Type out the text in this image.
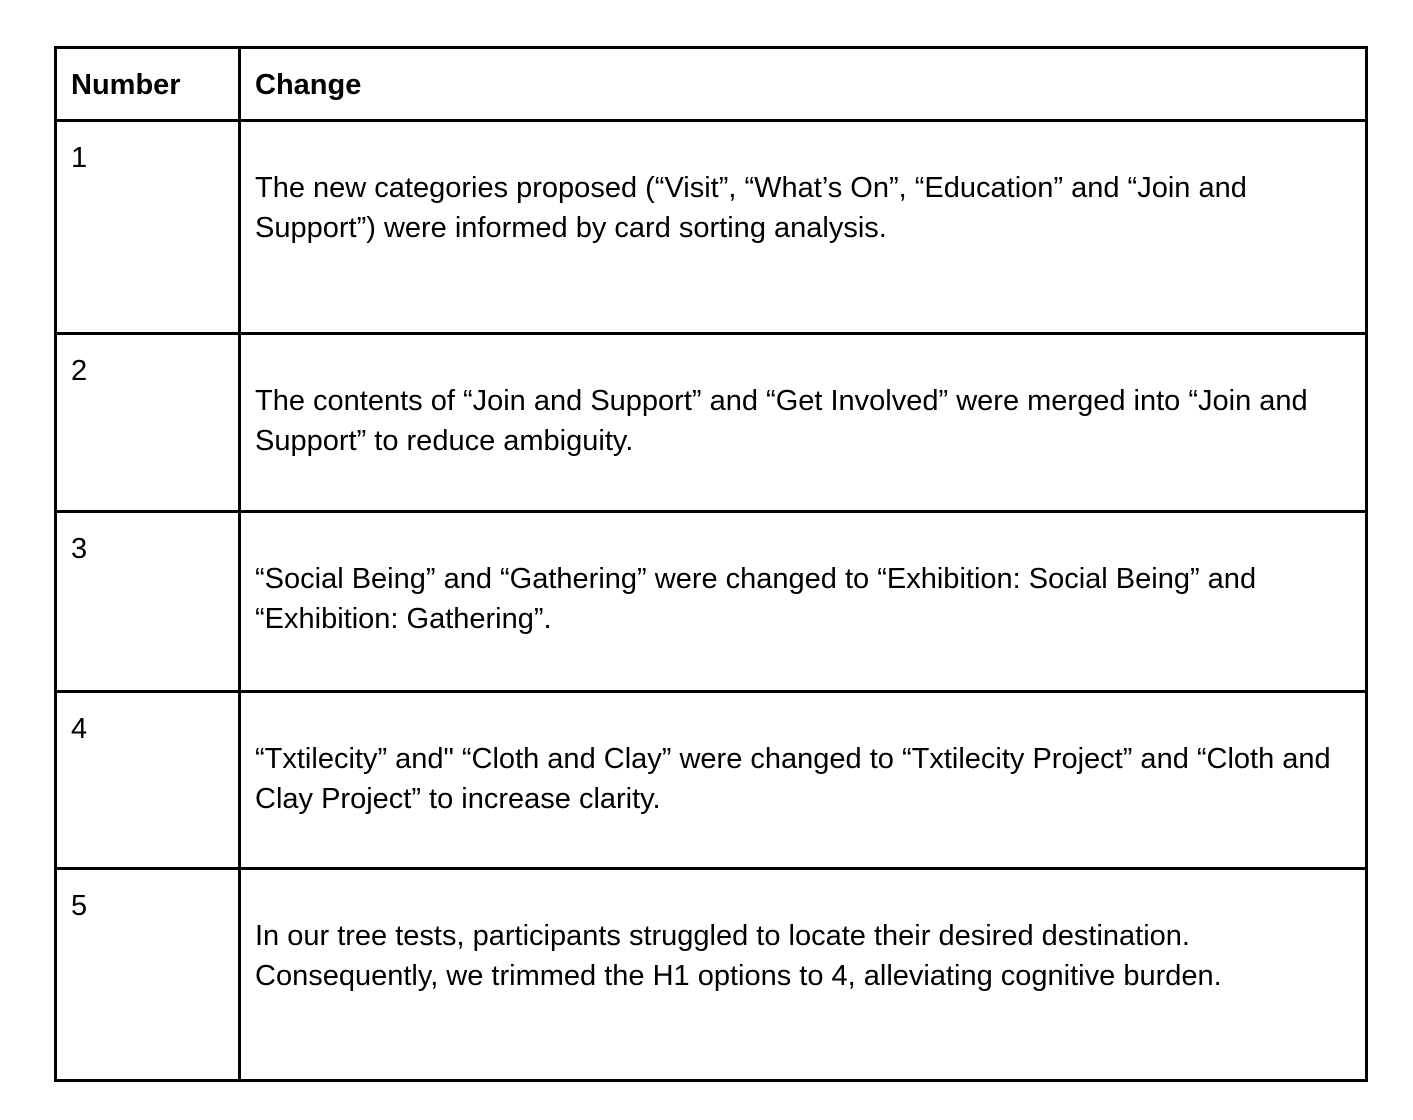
Number	Change
1	The new categories proposed (“Visit”, “What’s On”, “Education” and “Join and Support”) were informed by card sorting analysis.
2	The contents of “Join and Support” and “Get Involved” were merged into “Join and Support” to reduce ambiguity.
3	“Social Being” and “Gathering” were changed to “Exhibition: Social Being” and “Exhibition: Gathering”.
4	“Txtilecity” and" “Cloth and Clay” were changed to “Txtilecity Project” and “Cloth and Clay Project” to increase clarity.
5	In our tree tests, participants struggled to locate their desired destination. Consequently, we trimmed the H1 options to 4, alleviating cognitive burden.
